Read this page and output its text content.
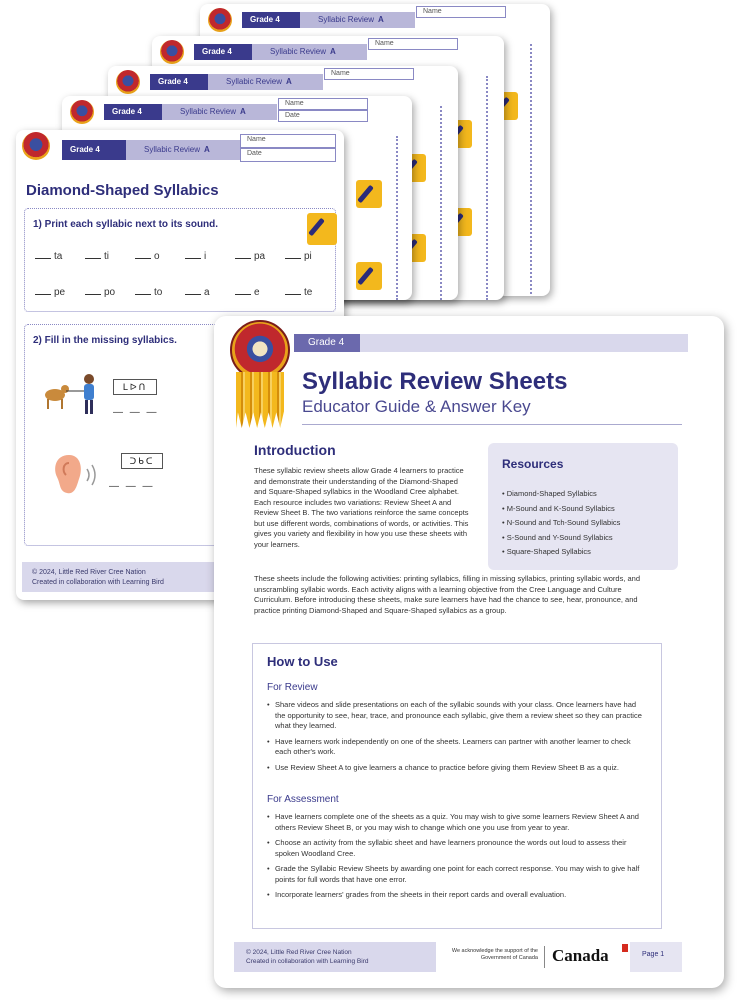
Grade 4	Syllabic Review A
Name
Grade 4	Syllabic Review A
Name
Grade 4	Syllabic Review A
Name
Grade 4	Syllabic Review A
Name
Date
Grade 4	Syllabic Review A
Name
Date
Diamond-Shaped Syllabics
1) Print each syllabic next to its sound.
ta	ti	o	i	pa	pi
pe	po	to	a	e	te
2) Fill in the missing syllabics.
ᒪᐅᑎ
— — —
ᑐᑲᑕ
— — —
© 2024, Little Red River Cree Nation
Created in collaboration with Learning Bird
Grade 4
Syllabic Review Sheets
Educator Guide & Answer Key
Introduction

These syllabic review sheets allow Grade 4 learners to practice and demonstrate their understanding of the Diamond-Shaped and Square-Shaped syllabics in the Woodland Cree alphabet. Each resource includes two variations: Review Sheet A and Review Sheet B. The two variations reinforce the same concepts but use different words, combinations of words, or activities. This gives you variety and flexibility in how you use these sheets with your learners.

These sheets include the following activities: printing syllabics, filling in missing syllabics, printing syllabic words, and unscrambling syllabic words. Each activity aligns with a learning objective from the Cree Language and Culture Curriculum. Before introducing these sheets, make sure learners have had the chance to see, hear, pronounce, and practice printing Diamond-Shaped and Square-Shaped syllabics as a group.

Resources
• Diamond-Shaped Syllabics
• M-Sound and K-Sound Syllabics
• N-Sound and Tch-Sound Syllabics
• S-Sound and Y-Sound Syllabics
• Square-Shaped Syllabics
How to Use
For Review
• Share videos and slide presentations on each of the syllabic sounds with your class. Once learners have had the opportunity to see, hear, trace, and pronounce each syllabic, give them a review sheet so they can practice what they learned.
• Have learners work independently on one of the sheets. Learners can partner with another learner to check each other's work.
• Use Review Sheet A to give learners a chance to practice before giving them Review Sheet B as a quiz.
For Assessment
• Have learners complete one of the sheets as a quiz. You may wish to give some learners Review Sheet A and others Review Sheet B, or you may wish to change which one you use from year to year.
• Choose an activity from the syllabic sheet and have learners pronounce the words out loud to assess their spoken Woodland Cree.
• Grade the Syllabic Review Sheets by awarding one point for each correct response. You may wish to give half points for full words that have one error.
• Incorporate learners' grades from the sheets in their report cards and overall evaluation.
© 2024, Little Red River Cree Nation
Created in collaboration with Learning Bird
We acknowledge the support of the Government of Canada Canada	Page 1
